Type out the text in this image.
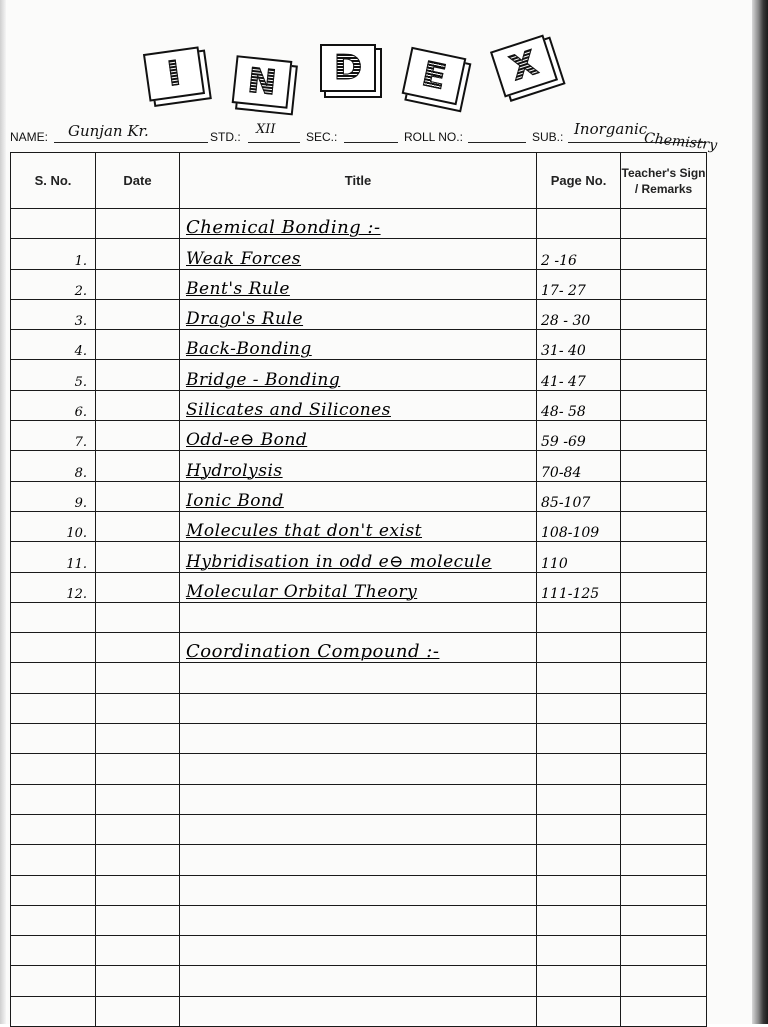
I N D E X
NAME: Gunjan Kr.	STD.: XII	SEC.:	ROLL NO.:	SUB.: Inorganic
Chemistry
S. No.	Date	Title	Page No.	Teacher's Sign / Remarks
		Chemical Bonding :-		
1.		Weak Forces	2 -16	
2.		Bent's Rule	17- 27	
3.		Drago's Rule	28 - 30	
4.		Back-Bonding	31- 40	
5.		Bridge - Bonding	41- 47	
6.		Silicates and Silicones	48- 58	
7.		Odd-e⊖ Bond	59 -69	
8.		Hydrolysis	70-84	
9.		Ionic Bond	85-107	
10.		Molecules that don't exist	108-109	
11.		Hybridisation in odd e⊖ molecule	110	
12.		Molecular Orbital Theory	111-125	

		Coordination Compound :-		
